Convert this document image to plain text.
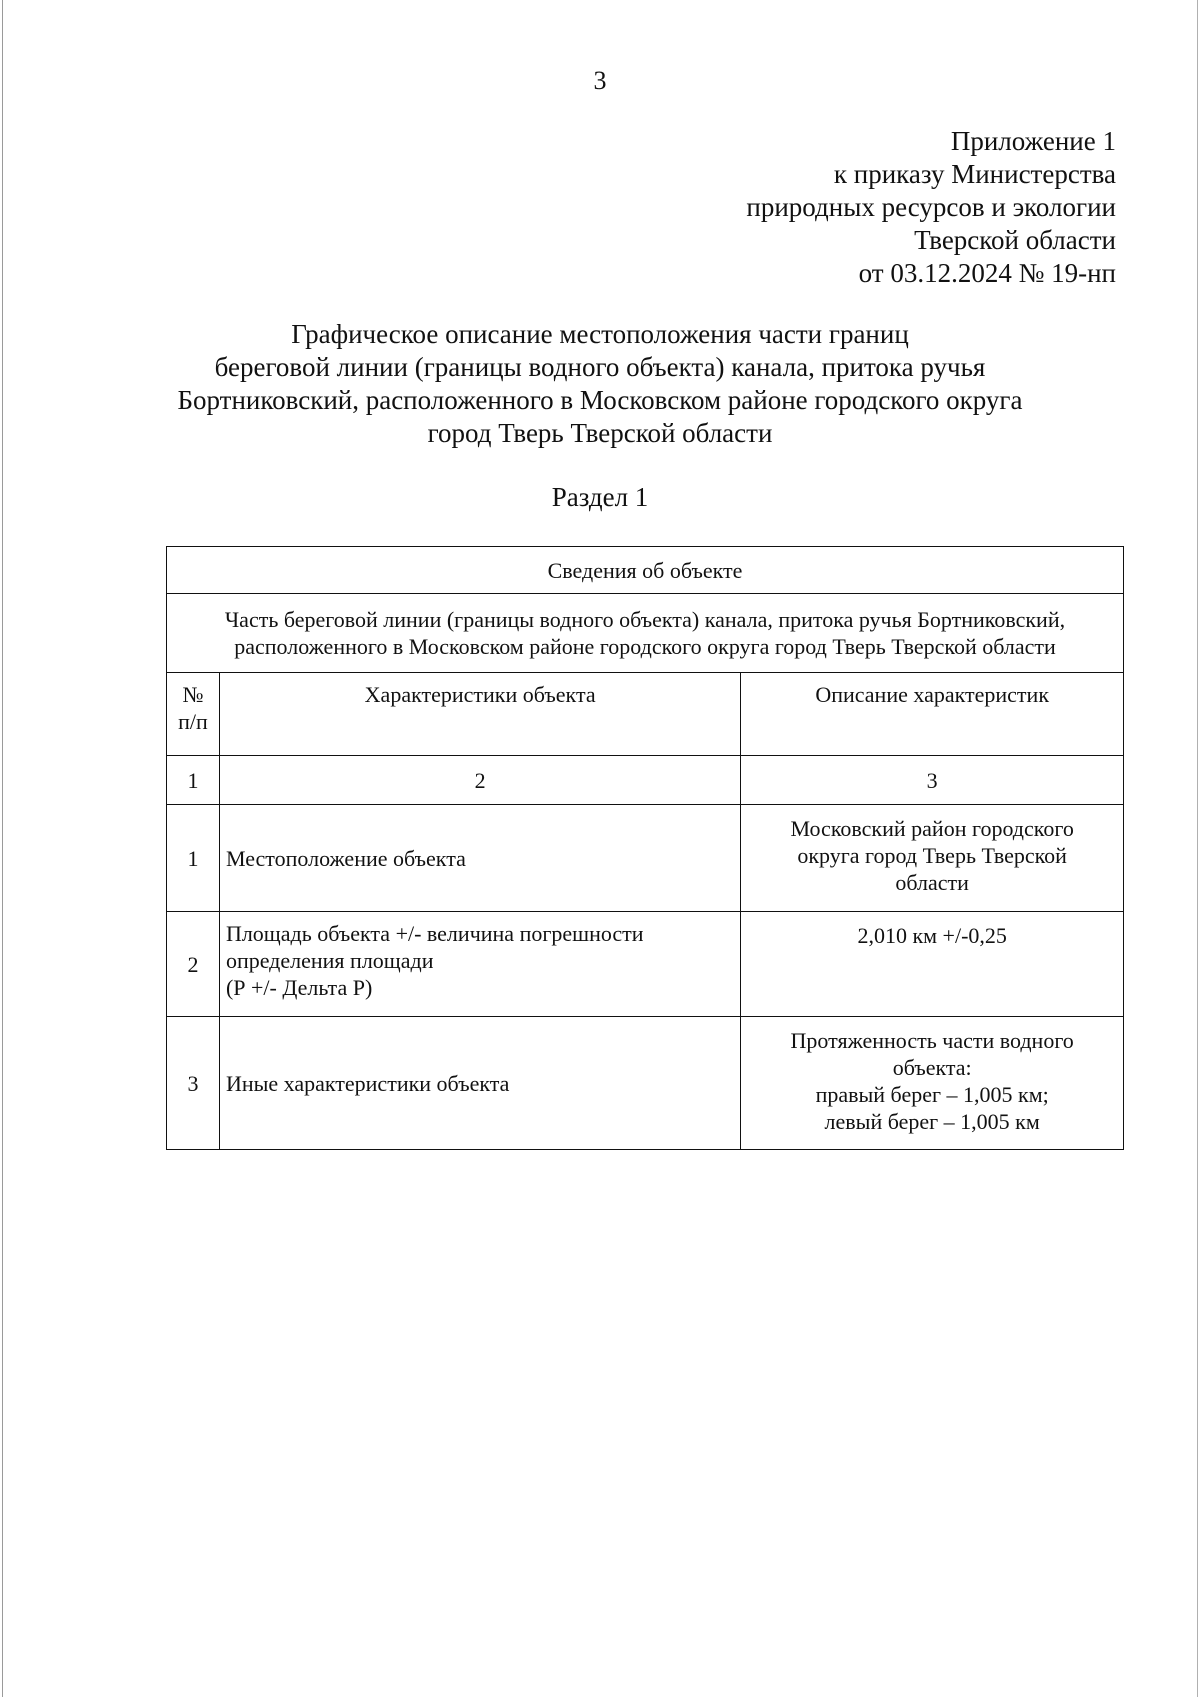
3
Приложение 1
к приказу Министерства
природных ресурсов и экологии
Тверской области
от 03.12.2024 № 19-нп
Графическое описание местоположения части границ
береговой линии (границы водного объекта) канала, притока ручья
Бортниковский, расположенного в Московском районе городского округа
город Тверь Тверской области
Раздел 1
Сведения об объекте		

Часть береговой линии (границы водного объекта) канала, притока ручья Бортниковский,
расположенного в Московском районе городского округа город Тверь Тверской области		

№
п/п	Характеристики объекта	Описание характеристик
1	2	3
1	Местоположение объекта	Московский район городского
округа город Тверь Тверской
области

2	Площадь объекта +/- величина погрешности
определения площади
(Р +/- Дельта Р)	2,010 км +/-0,25

3	Иные характеристики объекта	Протяженность части водного
объекта:
правый берег – 1,005 км;
левый берег – 1,005 км
